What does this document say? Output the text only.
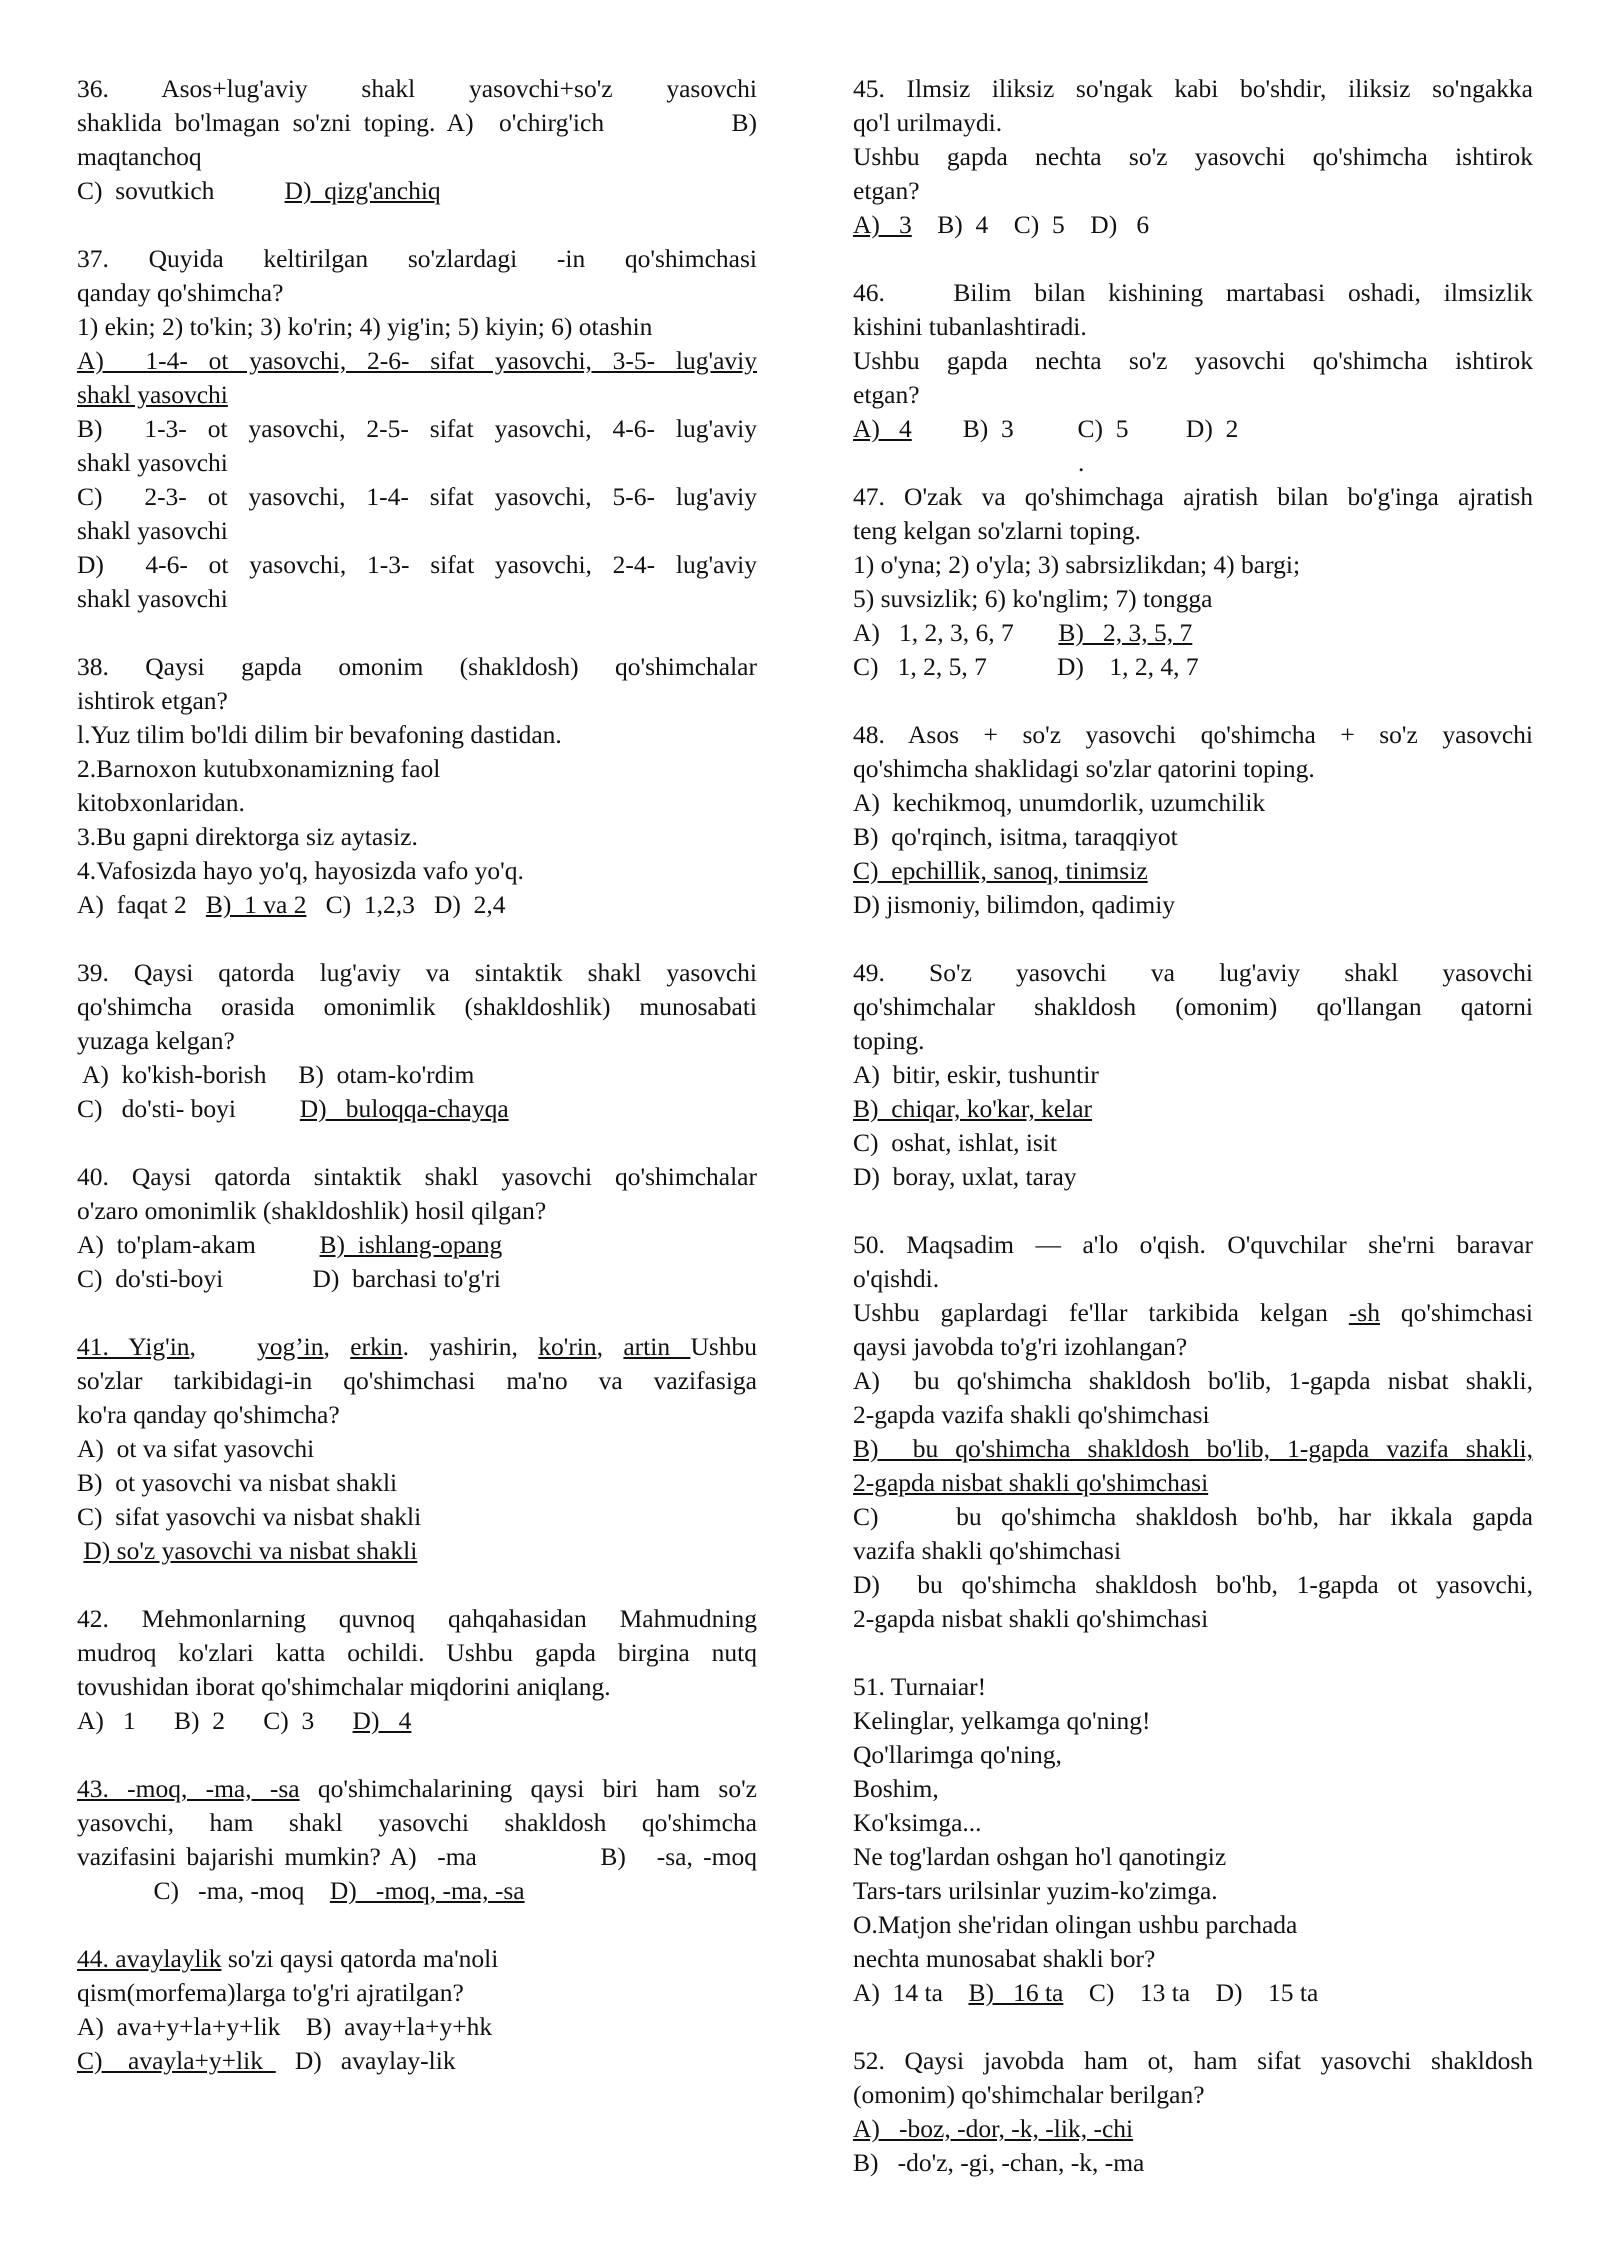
36. Asos+lug'aviy shakl yasovchi+so'z yasovchi
shaklida bo'lmagan so'zni toping. A)  o'chirg'ich          B)
maqtanchoq
C)  sovutkich           D)  qizg'anchiq
37. Quyida keltirilgan so'zlardagi -in qo'shimchasi
qanday qo'shimcha?
1) ekin; 2) to'kin; 3) ko'rin; 4) yig'in; 5) kiyin; 6) otashin
A)  1-4- ot yasovchi, 2-6- sifat yasovchi, 3-5- lug'aviy
shakl yasovchi
B)  1-3- ot yasovchi, 2-5- sifat yasovchi, 4-6- lug'aviy
shakl yasovchi
C)  2-3- ot yasovchi, 1-4- sifat yasovchi, 5-6- lug'aviy
shakl yasovchi
D)  4-6- ot yasovchi, 1-3- sifat yasovchi, 2-4- lug'aviy
shakl yasovchi
38. Qaysi gapda omonim (shakldosh) qo'shimchalar
ishtirok etgan?
l.Yuz tilim bo'ldi dilim bir bevafoning dastidan.
2.Barnoxon kutubxonamizning faol
kitobxonlaridan.
3.Bu gapni direktorga siz aytasiz.
4.Vafosizda hayo yo'q, hayosizda vafo yo'q.
A)  faqat 2   B)  1 va 2   C)  1,2,3   D)  2,4
39. Qaysi qatorda lug'aviy va sintaktik shakl yasovchi
qo'shimcha orasida omonimlik (shakldoshlik) munosabati
yuzaga kelgan?
A)  ko'kish-borish     B)  otam-ko'rdim
C)   do'sti- boyi          D)   buloqqa-chayqa
40. Qaysi qatorda sintaktik shakl yasovchi qo'shimchalar
o'zaro omonimlik (shakldoshlik) hosil qilgan?
A)  to'plam-akam          B)  ishlang-opang
C)  do'sti-boyi              D)  barchasi to'g'ri
41. Yig'in,   yog’in, erkin. yashirin, ko'rin, artin Ushbu
so'zlar tarkibidagi-in qo'shimchasi ma'no va vazifasiga
ko'ra qanday qo'shimcha?
A)  ot va sifat yasovchi
B)  ot yasovchi va nisbat shakli
C)  sifat yasovchi va nisbat shakli
D) so'z yasovchi va nisbat shakli
42. Mehmonlarning quvnoq qahqahasidan Mahmudning
mudroq ko'zlari katta ochildi. Ushbu gapda birgina nutq
tovushidan iborat qo'shimchalar miqdorini aniqlang.
A)   1      B)  2      C)  3      D)   4
43. -moq, -ma, -sa qo'shimchalarining qaysi biri ham so'z
yasovchi, ham shakl yasovchi shakldosh qo'shimcha
vazifasini bajarishi mumkin? A)  -ma            B)   -sa, -moq
C)   -ma, -moq    D)   -moq, -ma, -sa
44. avaylaylik so'zi qaysi qatorda ma'noli
qism(morfema)larga to'g'ri ajratilgan?
A)  ava+y+la+y+lik    B)  avay+la+y+hk
C)    avayla+y+lik     D)   avaylay-lik
45. Ilmsiz iliksiz so'ngak kabi bo'shdir, iliksiz so'ngakka
qo'l urilmaydi.
Ushbu gapda nechta so'z yasovchi qo'shimcha ishtirok
etgan?
A)   3    B)  4    C)  5    D)   6
46.   Bilim bilan kishining martabasi oshadi, ilmsizlik
kishini tubanlashtiradi.
Ushbu gapda nechta so'z yasovchi qo'shimcha ishtirok
etgan?
A)   4        B)  3          C)  5         D)  2
.
47. O'zak va qo'shimchaga ajratish bilan bo'g'inga ajratish
teng kelgan so'zlarni toping.
1) o'yna; 2) o'yla; 3) sabrsizlikdan; 4) bargi;
5) suvsizlik; 6) ko'nglim; 7) tongga
A)   1, 2, 3, 6, 7       B)   2, 3, 5, 7
C)   1, 2, 5, 7           D)    1, 2, 4, 7
48. Asos + so'z yasovchi qo'shimcha + so'z yasovchi
qo'shimcha shaklidagi so'zlar qatorini toping.
A)  kechikmoq, unumdorlik, uzumchilik
B)  qo'rqinch, isitma, taraqqiyot
C)  epchillik, sanoq, tinimsiz
D) jismoniy, bilimdon, qadimiy
49.  So'z  yasovchi  va  lug'aviy  shakl  yasovchi
qo'shimchalar shakldosh (omonim) qo'llangan qatorni
toping.
A)  bitir, eskir, tushuntir
B)  chiqar, ko'kar, kelar
C)  oshat, ishlat, isit
D)  boray, uxlat, taray
50. Maqsadim — a'lo o'qish. O'quvchilar she'rni baravar
o'qishdi.
Ushbu gaplardagi fe'llar tarkibida kelgan -sh qo'shimchasi
qaysi javobda to'g'ri izohlangan?
A)  bu qo'shimcha shakldosh bo'lib, 1-gapda nisbat shakli,
2-gapda vazifa shakli qo'shimchasi
B)  bu qo'shimcha shakldosh bo'lib, 1-gapda vazifa shakli,
2-gapda nisbat shakli qo'shimchasi
C)    bu qo'shimcha shakldosh bo'hb, har ikkala gapda
vazifa shakli qo'shimchasi
D)  bu qo'shimcha shakldosh bo'hb, 1-gapda ot yasovchi,
2-gapda nisbat shakli qo'shimchasi
51. Turnaiar!
Kelinglar, yelkamga qo'ning!
Qo'llarimga qo'ning,
Boshim,
Ko'ksimga...
Ne tog'lardan oshgan ho'l qanotingiz
Tars-tars urilsinlar yuzim-ko'zimga.
O.Matjon she'ridan olingan ushbu parchada
nechta munosabat shakli bor?
A)  14 ta    B)   16 ta    C)    13 ta    D)    15 ta
52. Qaysi javobda ham ot, ham sifat yasovchi shakldosh
(omonim) qo'shimchalar berilgan?
A)   -boz, -dor, -k, -lik, -chi
B)   -do'z, -gi, -chan, -k, -ma
